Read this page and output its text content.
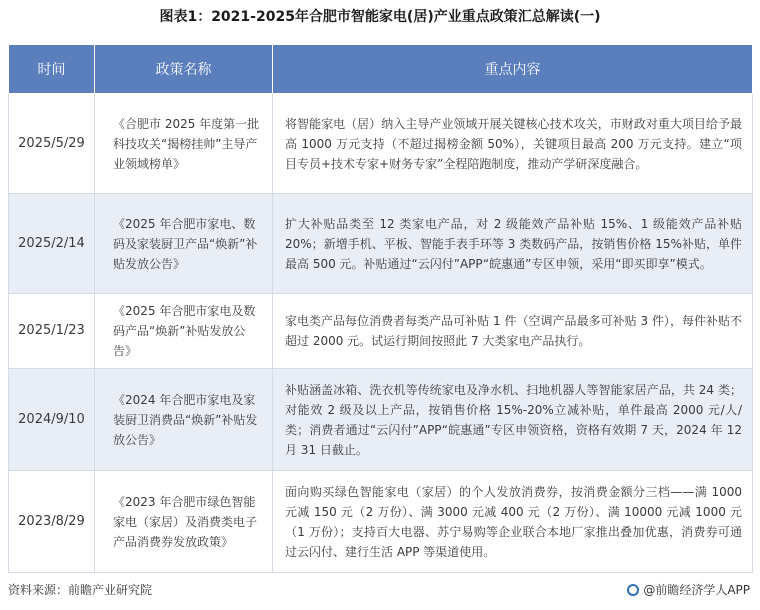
图表1：2021-2025年合肥市智能家电(居)产业重点政策汇总解读(一)
时间	政策名称	重点内容
2025/5/29	《合肥市 2025 年度第一批科技攻关“揭榜挂帅”主导产业领域榜单》	将智能家电（居）纳入主导产业领域开展关键核心技术攻关，市财政对重大项目给予最高 1000 万元支持（不超过揭榜金额 50%），关键项目最高 200 万元支持。建立“项目专员+技术专家+财务专家”全程陪跑制度，推动产学研深度融合。
2025/2/14	《2025 年合肥市家电、数码及家装厨卫产品“焕新”补贴发放公告》	扩大补贴品类至 12 类家电产品，对 2 级能效产品补贴 15%、1 级能效产品补贴 20%；新增手机、平板、智能手表手环等 3 类数码产品，按销售价格 15%补贴，单件最高 500 元。补贴通过“云闪付”APP“皖惠通”专区申领，采用“即买即享”模式。
2025/1/23	《2025 年合肥市家电及数码产品“焕新”补贴发放公告》	家电类产品每位消费者每类产品可补贴 1 件（空调产品最多可补贴 3 件），每件补贴不超过 2000 元。试运行期间按照此 7 大类家电产品执行。
2024/9/10	《2024 年合肥市家电及家装厨卫消费品“焕新”补贴发放公告》	补贴涵盖冰箱、洗衣机等传统家电及净水机、扫地机器人等智能家居产品，共 24 类；对能效 2 级及以上产品，按销售价格 15%-20%立减补贴，单件最高 2000 元/人/类；消费者通过“云闪付”APP“皖惠通”专区申领资格，资格有效期 7 天，2024 年 12 月 31 日截止。
2023/8/29	《2023 年合肥市绿色智能家电（家居）及消费类电子产品消费券发放政策》	面向购买绿色智能家电（家居）的个人发放消费券，按消费金额分三档——满 1000 元减 150 元（2 万份）、满 3000 元减 400 元（2 万份）、满 10000 元减 1000 元（1 万份）；支持百大电器、苏宁易购等企业联合本地厂家推出叠加优惠，消费券可通过云闪付、建行生活 APP 等渠道使用。
资料来源：前瞻产业研究院	@前瞻经济学人APP
